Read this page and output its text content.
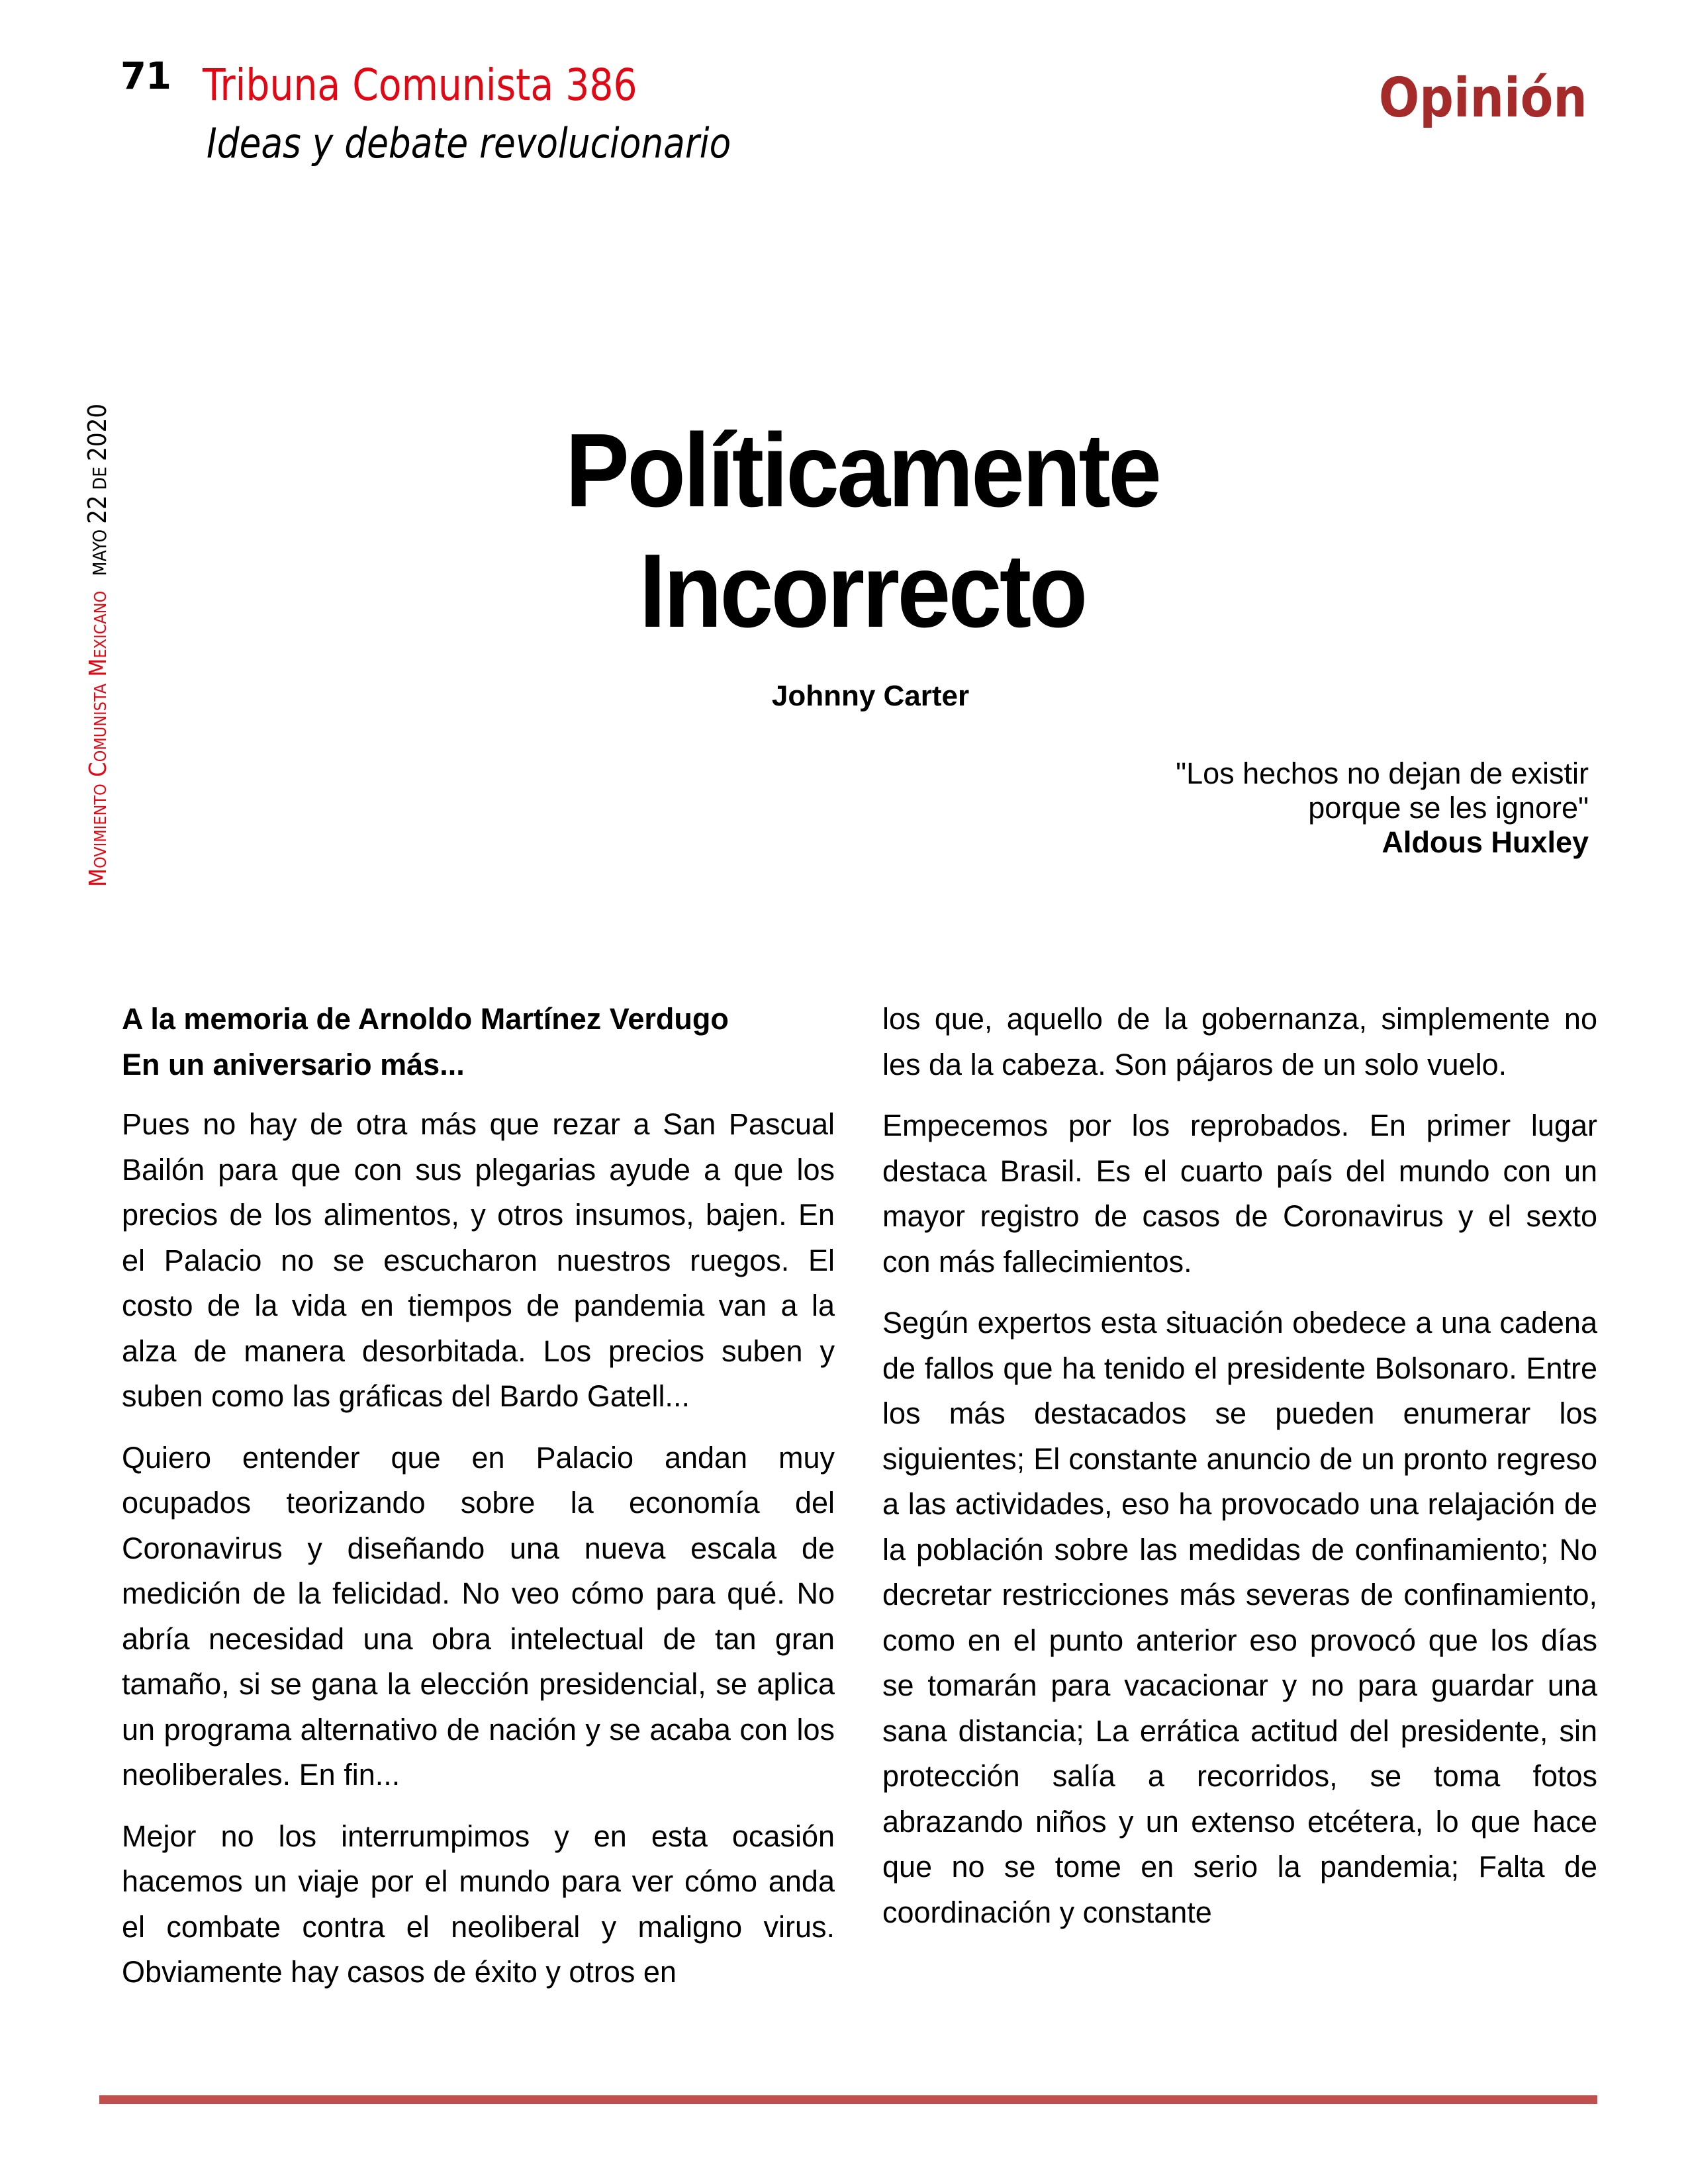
71 Tribuna Comunista 386
Ideas y debate revolucionario
Opinión
Movimiento Comunista Mexicano MAYO 22 DE 2020	Políticamente
Incorrecto
Johnny Carter
"Los hechos no dejan de existir
porque se les ignore"
Aldous Huxley

A la memoria de Arnoldo Martínez Verdugo
En un aniversario más...

Pues no hay de otra más que rezar a San Pascual Bailón para que con sus plegarias ayude a que los precios de los alimentos, y otros insumos, bajen. En el Palacio no se escucharon nuestros ruegos. El costo de la vida en tiempos de pandemia van a la alza de manera desorbitada. Los precios suben y suben como las gráficas del Bardo Gatell...

Quiero entender que en Palacio andan muy ocupados teorizando sobre la economía del Coronavirus y diseñando una nueva escala de medición de la felicidad. No veo cómo para qué. No abría necesidad una obra intelectual de tan gran tamaño, si se gana la elección presidencial, se aplica un programa alternativo de nación y se acaba con los neoliberales. En fin...

Mejor no los interrumpimos y en esta ocasión hacemos un viaje por el mundo para ver cómo anda el combate contra el neoliberal y maligno virus. Obviamente hay casos de éxito y otros en

los que, aquello de la gobernanza, simplemente no les da la cabeza. Son pájaros de un solo vuelo.

Empecemos por los reprobados. En primer lugar destaca Brasil. Es el cuarto país del mundo con un mayor registro de casos de Coronavirus y el sexto con más fallecimientos.

Según expertos esta situación obedece a una cadena de fallos que ha tenido el presidente Bolsonaro. Entre los más destacados se pueden enumerar los siguientes; El constante anuncio de un pronto regreso a las actividades, eso ha provocado una relajación de la población sobre las medidas de confinamiento; No decretar restricciones más severas de confinamiento, como en el punto anterior eso provocó que los días se tomarán para vacacionar y no para guardar una sana distancia; La errática actitud del presidente, sin protección salía a recorridos, se toma fotos abrazando niños y un extenso etcétera, lo que hace que no se tome en serio la pandemia; Falta de coordinación y constante
